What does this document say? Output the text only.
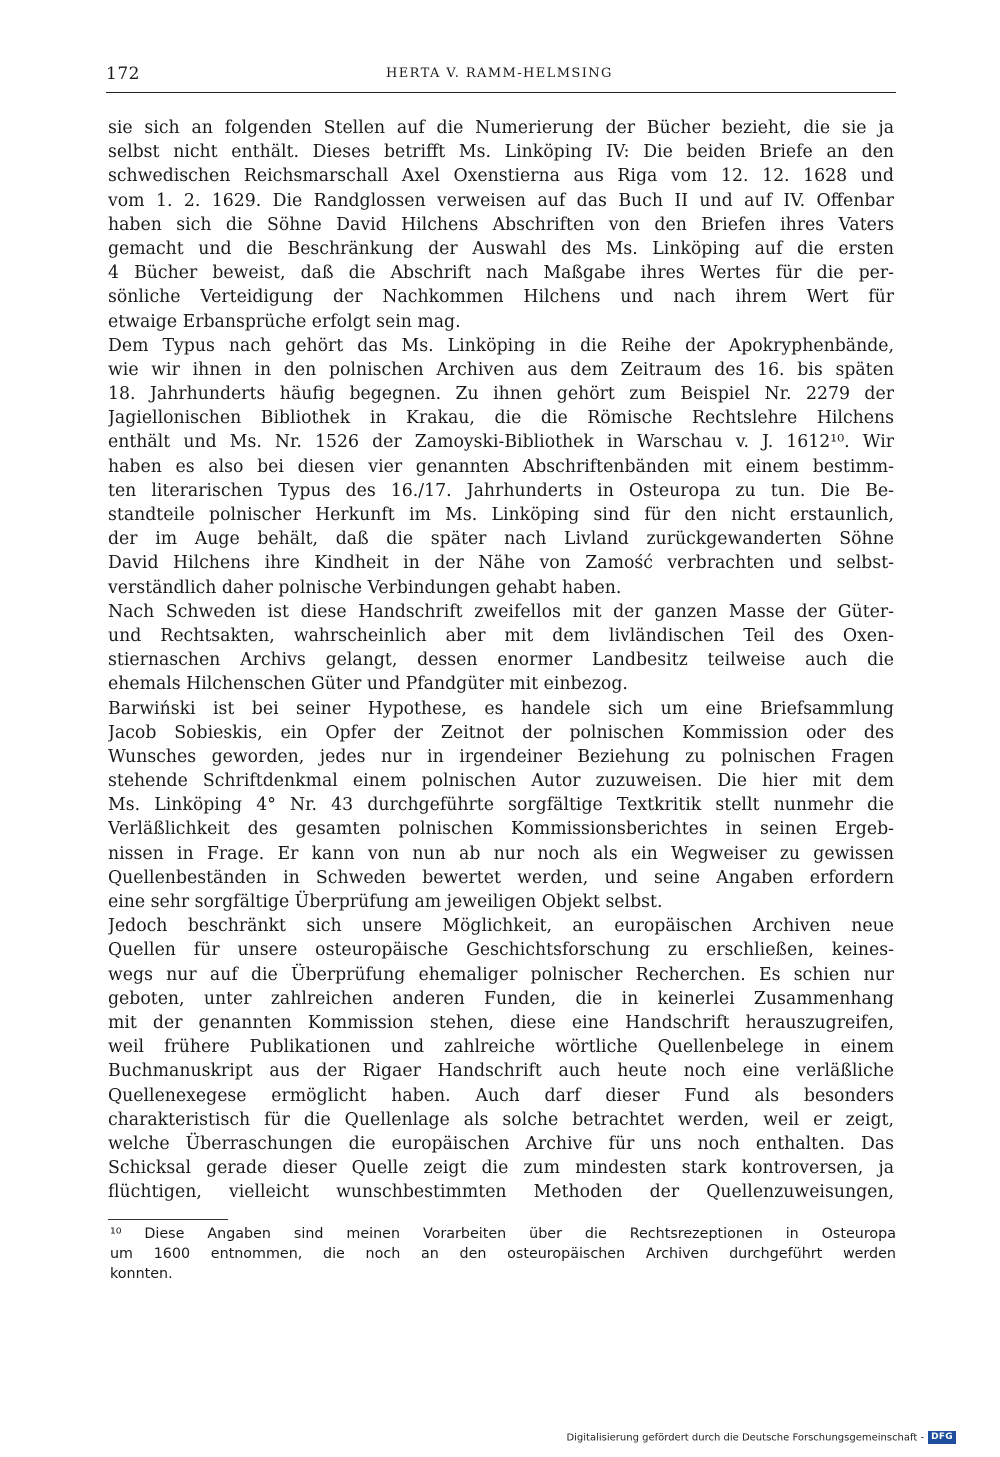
172	HERTA V. RAMM-HELMSING
sie sich an folgenden Stellen auf die Numerierung der Bücher bezieht, die sie ja
selbst nicht enthält. Dieses betrifft Ms. Linköping IV: Die beiden Briefe an den
schwedischen Reichsmarschall Axel Oxenstierna aus Riga vom 12. 12. 1628 und
vom 1. 2. 1629. Die Randglossen verweisen auf das Buch II und auf IV. Offenbar
haben sich die Söhne David Hilchens Abschriften von den Briefen ihres Vaters
gemacht und die Beschränkung der Auswahl des Ms. Linköping auf die ersten
4 Bücher beweist, daß die Abschrift nach Maßgabe ihres Wertes für die per-
sönliche Verteidigung der Nachkommen Hilchens und nach ihrem Wert für
etwaige Erbansprüche erfolgt sein mag.
Dem Typus nach gehört das Ms. Linköping in die Reihe der Apokryphenbände,
wie wir ihnen in den polnischen Archiven aus dem Zeitraum des 16. bis späten
18. Jahrhunderts häufig begegnen. Zu ihnen gehört zum Beispiel Nr. 2279 der
Jagiellonischen Bibliothek in Krakau, die die Römische Rechtslehre Hilchens
enthält und Ms. Nr. 1526 der Zamoyski-Bibliothek in Warschau v. J. 1612¹⁰. Wir
haben es also bei diesen vier genannten Abschriftenbänden mit einem bestimm-
ten literarischen Typus des 16./17. Jahrhunderts in Osteuropa zu tun. Die Be-
standteile polnischer Herkunft im Ms. Linköping sind für den nicht erstaunlich,
der im Auge behält, daß die später nach Livland zurückgewanderten Söhne
David Hilchens ihre Kindheit in der Nähe von Zamość verbrachten und selbst-
verständlich daher polnische Verbindungen gehabt haben.
Nach Schweden ist diese Handschrift zweifellos mit der ganzen Masse der Güter-
und Rechtsakten, wahrscheinlich aber mit dem livländischen Teil des Oxen-
stiernaschen Archivs gelangt, dessen enormer Landbesitz teilweise auch die
ehemals Hilchenschen Güter und Pfandgüter mit einbezog.
Barwiński ist bei seiner Hypothese, es handele sich um eine Briefsammlung
Jacob Sobieskis, ein Opfer der Zeitnot der polnischen Kommission oder des
Wunsches geworden, jedes nur in irgendeiner Beziehung zu polnischen Fragen
stehende Schriftdenkmal einem polnischen Autor zuzuweisen. Die hier mit dem
Ms. Linköping 4° Nr. 43 durchgeführte sorgfältige Textkritik stellt nunmehr die
Verläßlichkeit des gesamten polnischen Kommissionsberichtes in seinen Ergeb-
nissen in Frage. Er kann von nun ab nur noch als ein Wegweiser zu gewissen
Quellenbeständen in Schweden bewertet werden, und seine Angaben erfordern
eine sehr sorgfältige Überprüfung am jeweiligen Objekt selbst.
Jedoch beschränkt sich unsere Möglichkeit, an europäischen Archiven neue
Quellen für unsere osteuropäische Geschichtsforschung zu erschließen, keines-
wegs nur auf die Überprüfung ehemaliger polnischer Recherchen. Es schien nur
geboten, unter zahlreichen anderen Funden, die in keinerlei Zusammenhang
mit der genannten Kommission stehen, diese eine Handschrift herauszugreifen,
weil frühere Publikationen und zahlreiche wörtliche Quellenbelege in einem
Buchmanuskript aus der Rigaer Handschrift auch heute noch eine verläßliche
Quellenexegese ermöglicht haben. Auch darf dieser Fund als besonders
charakteristisch für die Quellenlage als solche betrachtet werden, weil er zeigt,
welche Überraschungen die europäischen Archive für uns noch enthalten. Das
Schicksal gerade dieser Quelle zeigt die zum mindesten stark kontroversen, ja
flüchtigen, vielleicht wunschbestimmten Methoden der Quellenzuweisungen,
¹⁰ Diese Angaben sind meinen Vorarbeiten über die Rechtsrezeptionen in Osteuropa
um 1600 entnommen, die noch an den osteuropäischen Archiven durchgeführt werden
konnten.
Digitalisierung gefördert durch die Deutsche Forschungsgemeinschaft - DFG
